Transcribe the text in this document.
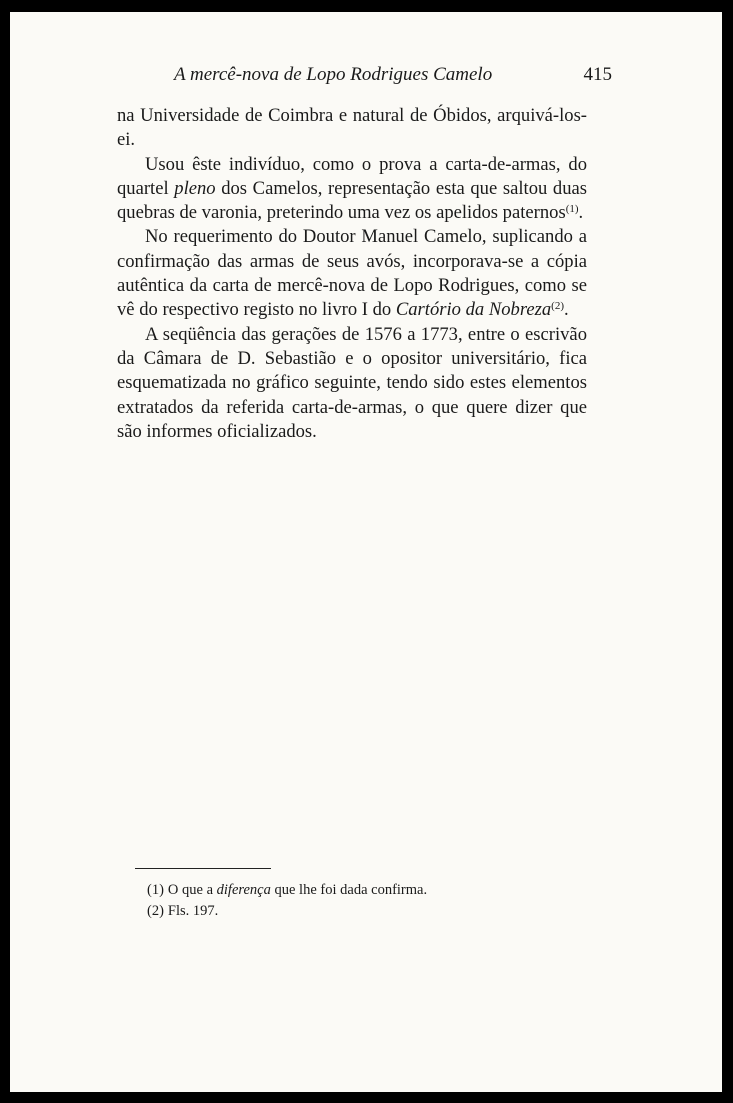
A mercê-nova de Lopo Rodrigues Camelo	415

na Universidade de Coimbra e natural de Óbidos, arquivá-los-ei.

Usou êste indivíduo, como o prova a carta-de-armas, do quartel pleno dos Camelos, representação esta que saltou duas quebras de varonia, preterindo uma vez os apelidos paternos$^{(1)}$.

No requerimento do Doutor Manuel Camelo, suplicando a confirmação das armas de seus avós, incorporava-se a cópia autêntica da carta de mercê-nova de Lopo Rodrigues, como se vê do respectivo registo no livro I do Cartório da Nobreza$^{(2)}$.

A seqüência das gerações de 1576 a 1773, entre o escrivão da Câmara de D. Sebastião e o opositor universitário, fica esquematizada no gráfico seguinte, tendo sido estes elementos extratados da referida carta-de-armas, o que quere dizer que são informes oficializados.

(1) O que a diferença que lhe foi dada confirma.
(2) Fls. 197.
